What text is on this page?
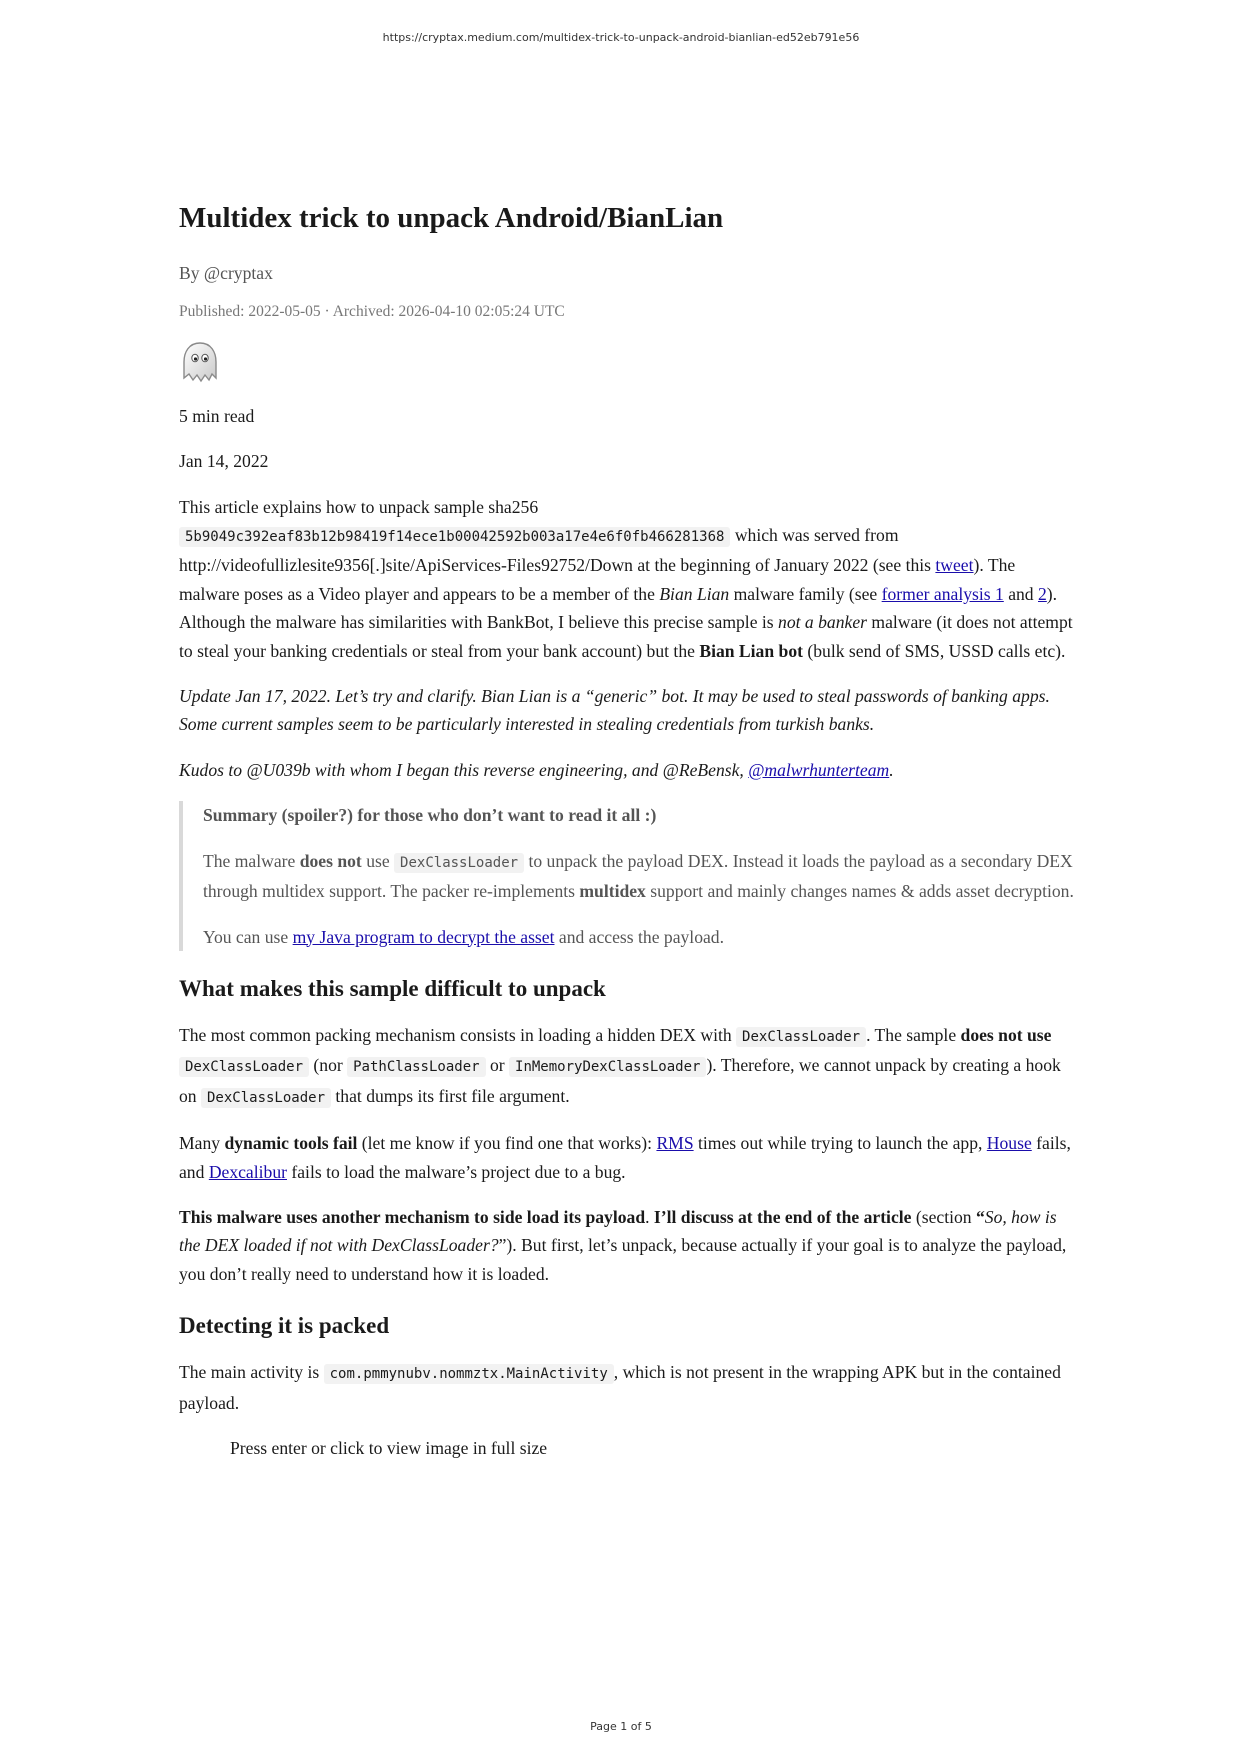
https://cryptax.medium.com/multidex-trick-to-unpack-android-bianlian-ed52eb791e56
Multidex trick to unpack Android/BianLian
By @cryptax
Published: 2022-05-05 · Archived: 2026-04-10 02:05:24 UTC

5 min read

Jan 14, 2022

This article explains how to unpack sample sha256 5b9049c392eaf83b12b98419f14ece1b00042592b003a17e4e6f0fb466281368 which was served from http://videofullizlesite9356[.]site/ApiServices-Files92752/Down at the beginning of January 2022 (see this tweet). The malware poses as a Video player and appears to be a member of the Bian Lian malware family (see former analysis 1 and 2). Although the malware has similarities with BankBot, I believe this precise sample is not a banker malware (it does not attempt to steal your banking credentials or steal from your bank account) but the Bian Lian bot (bulk send of SMS, USSD calls etc).

Update Jan 17, 2022. Let’s try and clarify. Bian Lian is a “generic” bot. It may be used to steal passwords of banking apps. Some current samples seem to be particularly interested in stealing credentials from turkish banks.

Kudos to @U039b with whom I began this reverse engineering, and @ReBensk, @malwrhunterteam.

Summary (spoiler?) for those who don’t want to read it all :)

The malware does not use DexClassLoader to unpack the payload DEX. Instead it loads the payload as a secondary DEX through multidex support. The packer re-implements multidex support and mainly changes names & adds asset decryption.

You can use my Java program to decrypt the asset and access the payload.

What makes this sample difficult to unpack

The most common packing mechanism consists in loading a hidden DEX with DexClassLoader . The sample does not use DexClassLoader (nor PathClassLoader or InMemoryDexClassLoader ). Therefore, we cannot unpack by creating a hook on DexClassLoader that dumps its first file argument.

Many dynamic tools fail (let me know if you find one that works): RMS times out while trying to launch the app, House fails, and Dexcalibur fails to load the malware’s project due to a bug.

This malware uses another mechanism to side load its payload. I’ll discuss at the end of the article (section “So, how is the DEX loaded if not with DexClassLoader?”). But first, let’s unpack, because actually if your goal is to analyze the payload, you don’t really need to understand how it is loaded.

Detecting it is packed

The main activity is com.pmmynubv.nommztx.MainActivity , which is not present in the wrapping APK but in the contained payload.

Press enter or click to view image in full size

Page 1 of 5
